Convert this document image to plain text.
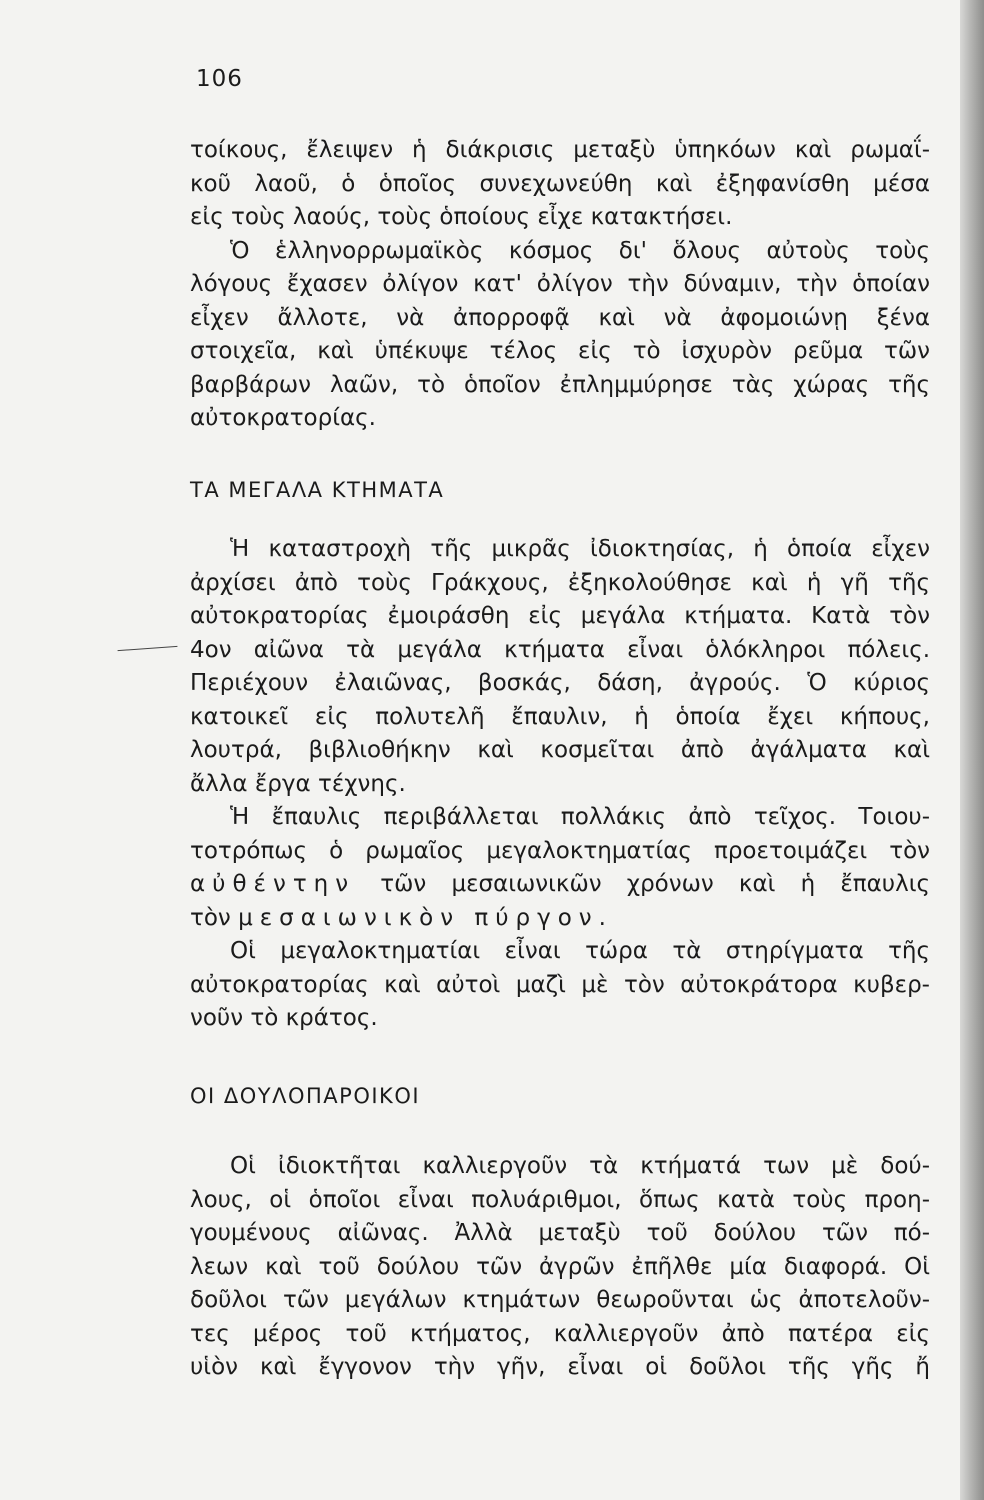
106

τοίκους, ἔλειψεν ἡ διάκρισις μεταξὺ ὑπηκόων καὶ ρωμαΐ-

κοῦ λαοῦ, ὁ ὁποῖος συνεχωνεύθη καὶ ἐξηφανίσθη μέσα

εἰς τοὺς λαούς, τοὺς ὁποίους εἶχε κατακτήσει.

Ὁ ἑλληνορρωμαϊκὸς κόσμος δι' ὅλους αὐτοὺς τοὺς

λόγους ἔχασεν ὀλίγον κατ' ὀλίγον τὴν δύναμιν, τὴν ὁποίαν

εἶχεν ἄλλοτε, νὰ ἀπορροφᾷ καὶ νὰ ἀφομοιώνῃ ξένα

στοιχεῖα, καὶ ὑπέκυψε τέλος εἰς τὸ ἰσχυρὸν ρεῦμα τῶν

βαρβάρων λαῶν, τὸ ὁποῖον ἐπλημμύρησε τὰς χώρας τῆς

αὐτοκρατορίας.

ΤΑ ΜΕΓΑΛΑ ΚΤΗΜΑΤΑ

Ἡ καταστροχὴ τῆς μικρᾶς ἰδιοκτησίας, ἡ ὁποία εἶχεν

ἀρχίσει ἀπὸ τοὺς Γράκχους, ἐξηκολούθησε καὶ ἡ γῆ τῆς

αὐτοκρατορίας ἐμοιράσθη εἰς μεγάλα κτήματα. Κατὰ τὸν

4ον αἰῶνα τὰ μεγάλα κτήματα εἶναι ὁλόκληροι πόλεις.

Περιέχουν ἐλαιῶνας, βοσκάς, δάση, ἀγρούς. Ὁ κύριος

κατοικεῖ εἰς πολυτελῆ ἔπαυλιν, ἡ ὁποία ἔχει κήπους,

λουτρά, βιβλιοθήκην καὶ κοσμεῖται ἀπὸ ἀγάλματα καὶ

ἄλλα ἔργα τέχνης.

Ἡ ἔπαυλις περιβάλλεται πολλάκις ἀπὸ τεῖχος. Τοιου-

τοτρόπως ὁ ρωμαῖος μεγαλοκτηματίας προετοιμάζει τὸν

αὐθέντην τῶν μεσαιωνικῶν χρόνων καὶ ἡ ἔπαυλις

τὸν μεσαιωνικὸν πύργον.

Οἱ μεγαλοκτηματίαι εἶναι τώρα τὰ στηρίγματα τῆς

αὐτοκρατορίας καὶ αὐτοὶ μαζὶ μὲ τὸν αὐτοκράτορα κυβερ-

νοῦν τὸ κράτος.

ΟΙ ΔΟΥΛΟΠΑΡΟΙΚΟΙ

Οἱ ἰδιοκτῆται καλλιεργοῦν τὰ κτήματά των μὲ δού-

λους, οἱ ὁποῖοι εἶναι πολυάριθμοι, ὅπως κατὰ τοὺς προη-

γουμένους αἰῶνας. Ἀλλὰ μεταξὺ τοῦ δούλου τῶν πό-

λεων καὶ τοῦ δούλου τῶν ἀγρῶν ἐπῆλθε μία διαφορά. Οἱ

δοῦλοι τῶν μεγάλων κτημάτων θεωροῦνται ὡς ἀποτελοῦν-

τες μέρος τοῦ κτήματος, καλλιεργοῦν ἀπὸ πατέρα εἰς

υἱὸν καὶ ἔγγονον τὴν γῆν, εἶναι οἱ δοῦλοι τῆς γῆς ἤ
